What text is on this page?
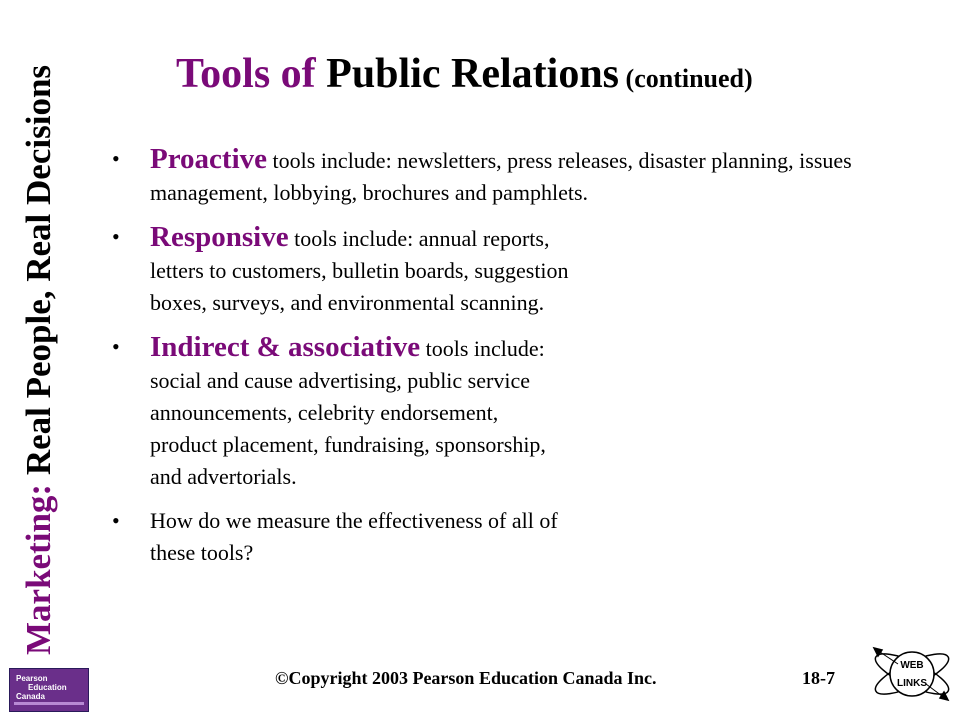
Marketing: Real People, Real Decisions	Tools of Public Relations (continued)
• Proactive tools include: newsletters, press releases, disaster planning, issues management, lobbying, brochures and pamphlets.
• Responsive tools include: annual reports, letters to customers, bulletin boards, suggestion boxes, surveys, and environmental scanning.
• Indirect & associative tools include: social and cause advertising, public service announcements, celebrity endorsement, product placement, fundraising, sponsorship, and advertorials.
• How do we measure the effectiveness of all of these tools?
Pearson
Education
Canada
©Copyright 2003 Pearson Education Canada Inc.	18-7
WEB
LINKS
